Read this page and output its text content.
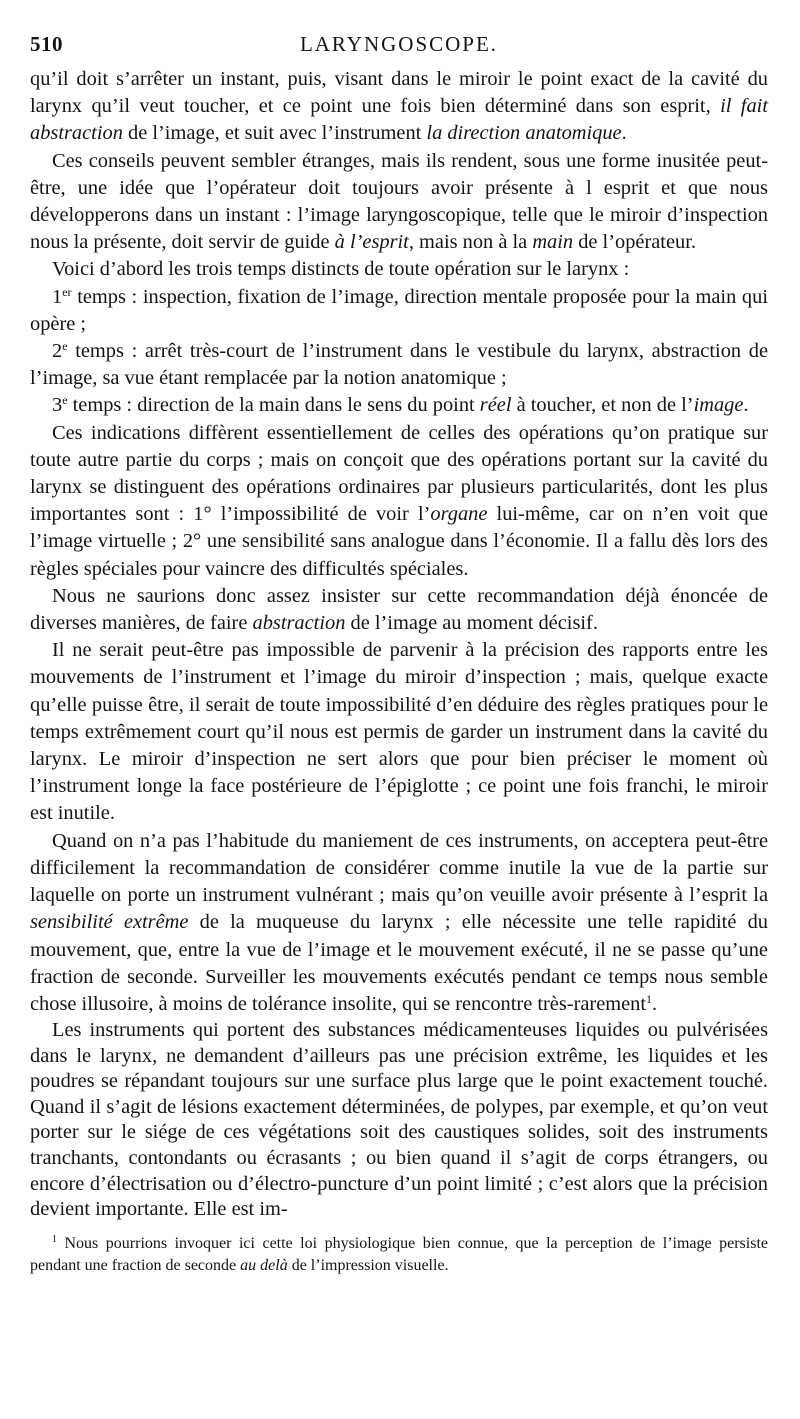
510	LARYNGOSCOPE.

qu’il doit s’arrêter un instant, puis, visant dans le miroir le point exact de la cavité du larynx qu’il veut toucher, et ce point une fois bien déterminé dans son esprit, il fait abstraction de l’image, et suit avec l’instrument la direction anatomique.

Ces conseils peuvent sembler étranges, mais ils rendent, sous une forme inusitée peut-être, une idée que l’opérateur doit toujours avoir présente à l esprit et que nous développerons dans un instant : l’image laryngoscopique, telle que le miroir d’inspection nous la présente, doit servir de guide à l’esprit, mais non à la main de l’opérateur.

Voici d’abord les trois temps distincts de toute opération sur le larynx :

1er temps : inspection, fixation de l’image, direction mentale proposée pour la main qui opère ;

2e temps : arrêt très-court de l’instrument dans le vestibule du larynx, abstraction de l’image, sa vue étant remplacée par la notion anatomique ;

3e temps : direction de la main dans le sens du point réel à toucher, et non de l’image.

Ces indications diffèrent essentiellement de celles des opérations qu’on pratique sur toute autre partie du corps ; mais on conçoit que des opérations portant sur la cavité du larynx se distinguent des opérations ordinaires par plusieurs particularités, dont les plus importantes sont : 1° l’impossibilité de voir l’organe lui-même, car on n’en voit que l’image virtuelle ; 2° une sensibilité sans analogue dans l’économie. Il a fallu dès lors des règles spéciales pour vaincre des difficultés spéciales.

Nous ne saurions donc assez insister sur cette recommandation déjà énoncée de diverses manières, de faire abstraction de l’image au moment décisif.

Il ne serait peut-être pas impossible de parvenir à la précision des rapports entre les mouvements de l’instrument et l’image du miroir d’inspection ; mais, quelque exacte qu’elle puisse être, il serait de toute impossibilité d’en déduire des règles pratiques pour le temps extrêmement court qu’il nous est permis de garder un instrument dans la cavité du larynx. Le miroir d’inspection ne sert alors que pour bien préciser le moment où l’instrument longe la face postérieure de l’épiglotte ; ce point une fois franchi, le miroir est inutile.

Quand on n’a pas l’habitude du maniement de ces instruments, on acceptera peut-être difficilement la recommandation de considérer comme inutile la vue de la partie sur laquelle on porte un instrument vulnérant ; mais qu’on veuille avoir présente à l’esprit la sensibilité extrême de la muqueuse du larynx ; elle nécessite une telle rapidité du mouvement, que, entre la vue de l’image et le mouvement exécuté, il ne se passe qu’une fraction de seconde. Surveiller les mouvements exécutés pendant ce temps nous semble chose illusoire, à moins de tolérance insolite, qui se rencontre très-rarement$^1$.

Les instruments qui portent des substances médicamenteuses liquides ou pulvérisées dans le larynx, ne demandent d’ailleurs pas une précision extrême, les liquides et les poudres se répandant toujours sur une surface plus large que le point exactement touché. Quand il s’agit de lésions exactement déterminées, de polypes, par exemple, et qu’on veut porter sur le siége de ces végétations soit des caustiques solides, soit des instruments tranchants, contondants ou écrasants ; ou bien quand il s’agit de corps étrangers, ou encore d’électrisation ou d’électro-puncture d’un point limité ; c’est alors que la précision devient importante. Elle est im-

$^1$ Nous pourrions invoquer ici cette loi physiologique bien connue, que la perception de l’image persiste pendant une fraction de seconde au delà de l’impression visuelle.
